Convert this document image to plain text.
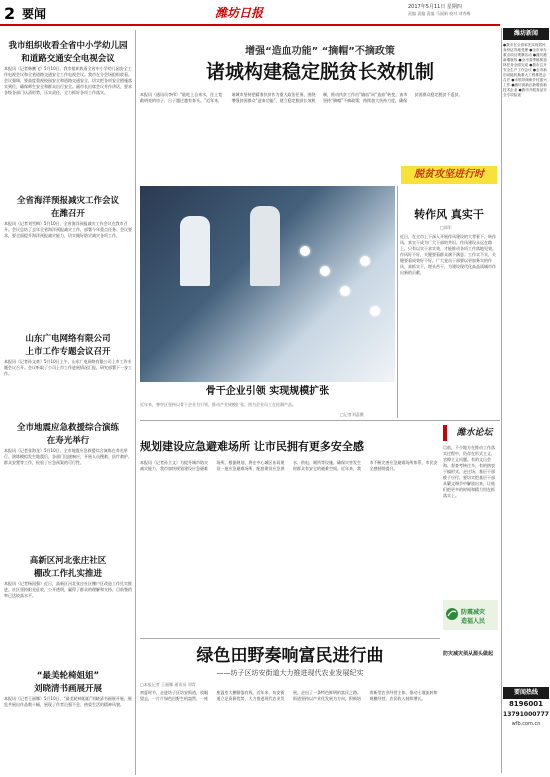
2 要闻	潍坊日报	2017年5月11日 星期四
责编 责编 责编 马丽娟 校对 刘秀梅
我市组织收看全省中小学幼儿园
和道路交通安全电视会议
本报讯（记者韩鹏飞）5月10日，我市组织收看全省中小学幼儿园安全工作电视会议和全省道路交通安全工作电视会议。我市在分会场组织收看。会议强调，要高度重视校园安全和道路交通安全，切实把各项安全措施落实到位，确保师生安全和群众出行安全。副市长出席会议并作讲话，要求各级各部门认清形势，压实责任，全力抓好各项工作落实。
全省海洋预报减灾工作会议
在潍召开
本报讯（记者刘雪梅）5月10日，全省海洋预报减灾工作会议在我市召开。会议总结了去年全省海洋预报减灾工作，部署今年重点任务。会议要求，要全面提升海洋预报减灾能力，切实做好防灾减灾各项工作。
山东广电网络有限公司
上市工作专题会议召开
本报讯（记者孙文豪）5月10日上午，山东广电网络有限公司上市工作专题会议召开。会议听取了公司上市工作进展情况汇报，研究部署下一步工作。
全市地震应急救援综合演练
在寿光举行
本报讯（记者张海龙）5月10日，全市地震应急救援综合演练在寿光举行。演练模拟发生地震后，各部门迅速响应，开展人员搜救、医疗救护、群众安置等工作，检验了应急预案的可行性。
高新区河北张庄社区
棚改工作扎实推进
本报讯（记者杨国强）近日，高新区河北张庄社区棚户区改造工作扎实推进。社区坚持阳光征收，公开透明，赢得了群众的理解和支持，目前签约率已达较高水平。
“最美轮椅姐姐”
刘晓清书画展开展
本报讯（记者王丽娜）5月10日，“最美轮椅姐姐”刘晓清书画展开展。展览共展出作品数十幅，展现了作者自强不息、热爱生活的精神风貌。
增强“造血功能” “摘帽”不摘政策
诸城构建稳定脱贫长效机制
本报讯（通讯员李伟）“能吃上自来水，住上宽敞明亮的房子，日子越过越有奔头。”近年来，诸城市坚持把精准扶贫作为重大政治任务，围绕增强贫困群众“造血功能”，建立稳定脱贫长效机制，推动扶贫工作由“输血”向“造血”转变。该市坚持“摘帽”不摘政策，持续加大扶持力度，确保贫困群众稳定脱贫不返贫。
脱贫攻坚进行时
骨干企业引领 实现规模扩张
近年来，寒亭区坚持以骨干企业为引领，推动产业规模扩张。图为企业员工在检测产品。
□记者刘蕊摄
转作风 真实干
□郭军
近日，在全市上下深入开展作风建设的大背景下，转作风、真实干成为广大干部的共识。作风建设永远在路上，只有以实干求实效，才能推动各项工作落地见效。作风好不好，关键要看群众满不满意；工作实不实，关键要看成效好不好。广大党员干部要以更加务实的作风，真抓实干，埋头苦干，为建设现代化高品质城市作出新的贡献。
规划建设应急避难场所 让市民拥有更多安全感
本报讯（记者孙立文）为提升城市防灾减灾能力，我市加快规划建设应急避难场所。根据规划，将在中心城区布局建设一批应急避难场所，配套建设应急供水、供电、厕所等设施，确保灾害发生时群众有安全的避难空间。近年来，我市不断完善应急避难场所体系，市民安全感持续提升。
潍水论坛
目前，不少地方在推动工作落实过程中，仍存在形式主义、官僚主义问题。有的文山会海、督查考核过多，有的热衷于搞形式、走过场，基层干部疲于应付。要切实把基层干部从繁文缛节中解放出来，让他们把更多的时间和精力用在抓落实上。
防震减灾
造福人民
防灾减灾须从源头做起
绿色田野奏响富民进行曲
——坊子区坊安街道大力推进现代农业发展纪实
□本报记者 王丽娜 通讯员 刘青
初夏时节，走进坊子区坊安街道，放眼望去，一片片绿色田野生机盎然，一座座温室大棚错落有致。近年来，坊安街道立足资源优势，大力推进现代农业发展，走出了一条特色鲜明的富民之路。街道坚持以产业化发展为方向，积极培育新型农业经营主体，推动土地流转和规模经营，农民收入持续增长。
潍坊新闻
●我市在全省率先实现居民身份证异地受理 ●全市举办重点项目观摩活动 ●潍坊港新增航线 ●全市春季植树造林任务全面完成 ●我市召开安全生产工作会议 ●全市新旧动能转换重大工程推进会召开 ●市领导调研乡村振兴工作 ●潍坊高新区新增高新技术企业 ●我市开展食品安全专项检查
要闻热线
8196001
13791000777
wfb.com.cn
